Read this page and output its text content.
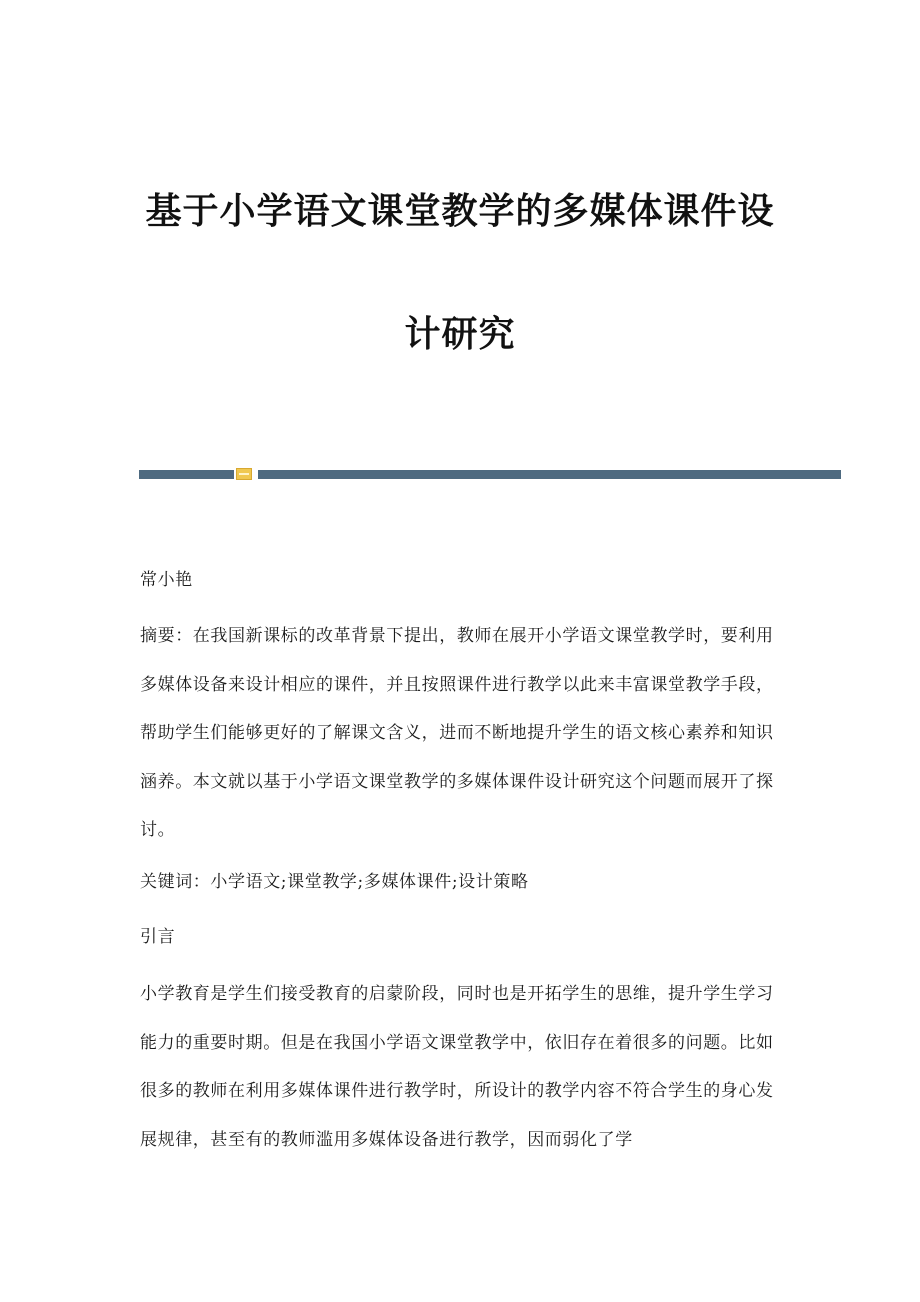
基于小学语文课堂教学的多媒体课件设
计研究

常小艳

摘要：在我国新课标的改革背景下提出，教师在展开小学语文课堂教学时，要利用多媒体设备来设计相应的课件，并且按照课件进行教学以此来丰富课堂教学手段，帮助学生们能够更好的了解课文含义，进而不断地提升学生的语文核心素养和知识涵养。本文就以基于小学语文课堂教学的多媒体课件设计研究这个问题而展开了探讨。

关键词：小学语文;课堂教学;多媒体课件;设计策略

引言

小学教育是学生们接受教育的启蒙阶段，同时也是开拓学生的思维，提升学生学习能力的重要时期。但是在我国小学语文课堂教学中，依旧存在着很多的问题。比如很多的教师在利用多媒体课件进行教学时，所设计的教学内容不符合学生的身心发展规律，甚至有的教师滥用多媒体设备进行教学，因而弱化了学
